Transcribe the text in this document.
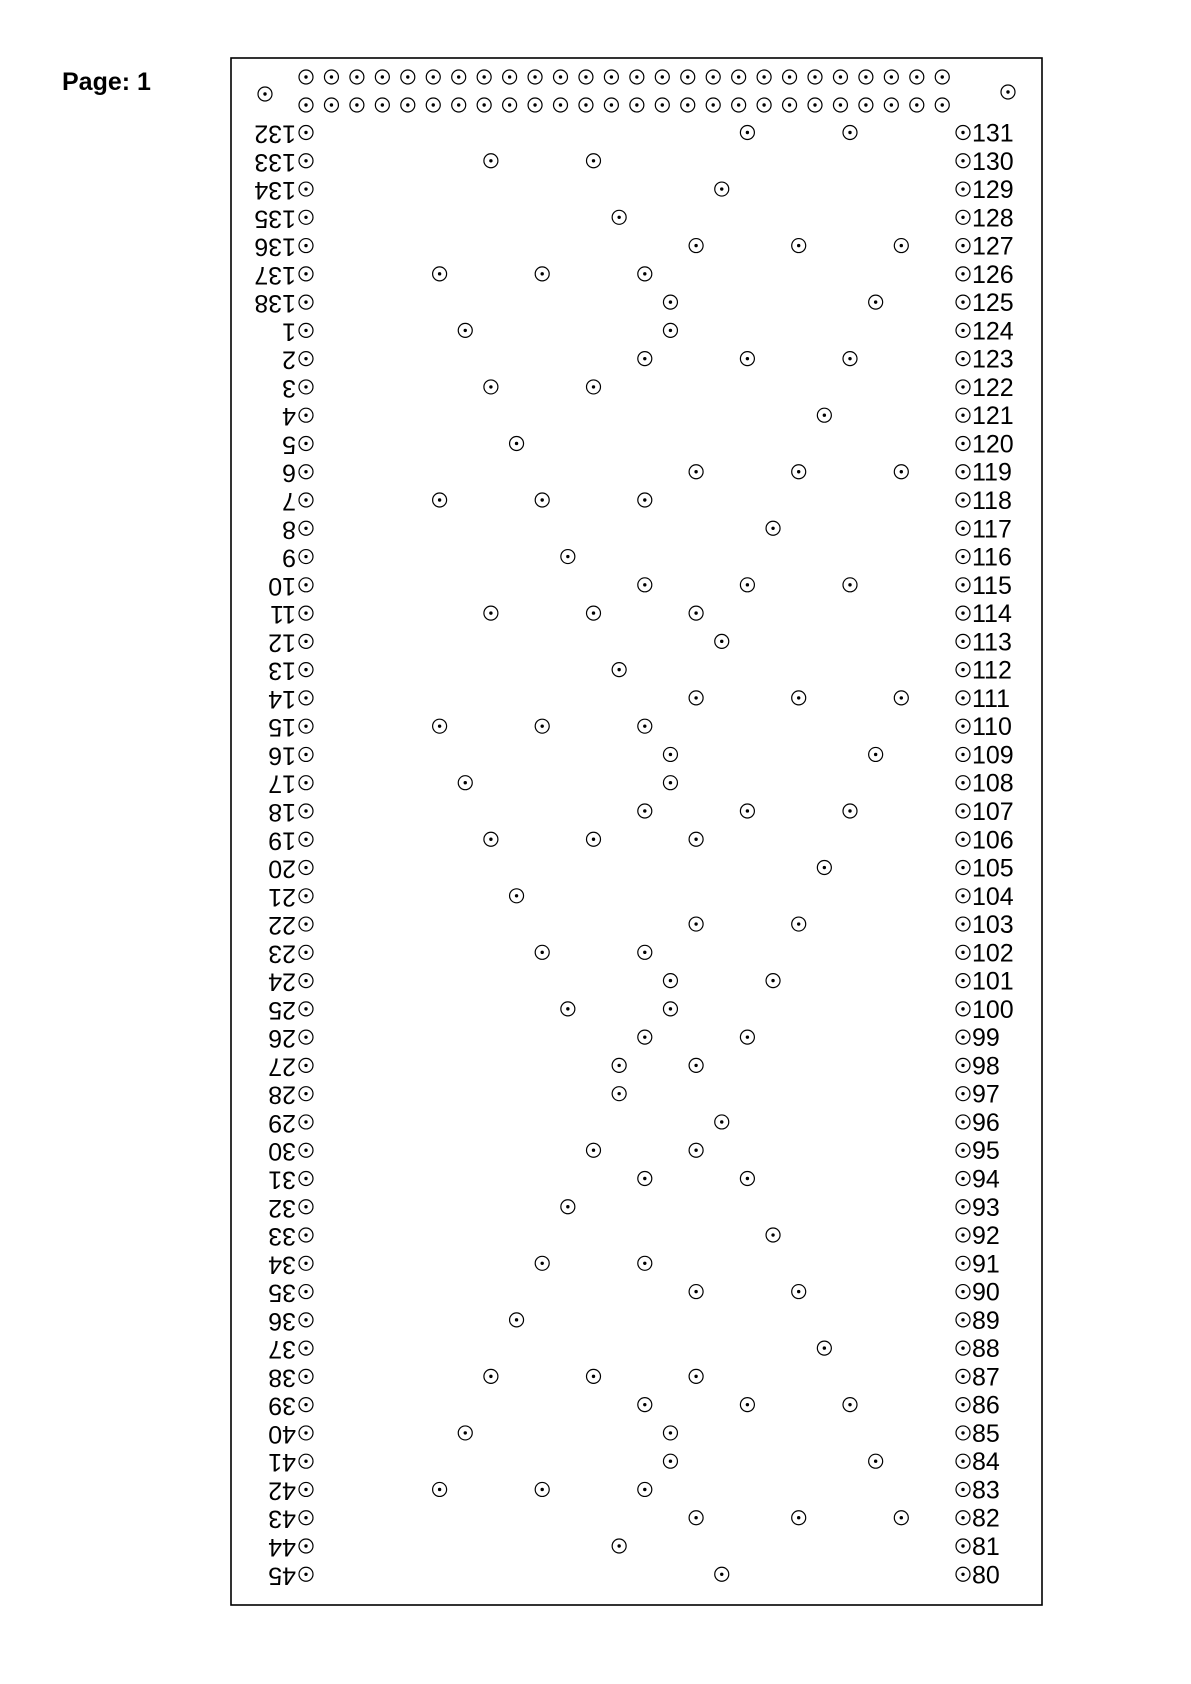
Page: 1
132
133
134
135
136
137
138
1
2
3
4
5
6
7
8
9
10
11
12
13
14
15
16
17
18
19
20
21
22
23
24
25
26
27
28
29
30
31
32
33
34
35
36
37
38
39
40
41
42
43
44
45
131
130
129
128
127
126
125
124
123
122
121
120
119
118
117
116
115
114
113
112
111
110
109
108
107
106
105
104
103
102
101
100
99
98
97
96
95
94
93
92
91
90
89
88
87
86
85
84
83
82
81
80
